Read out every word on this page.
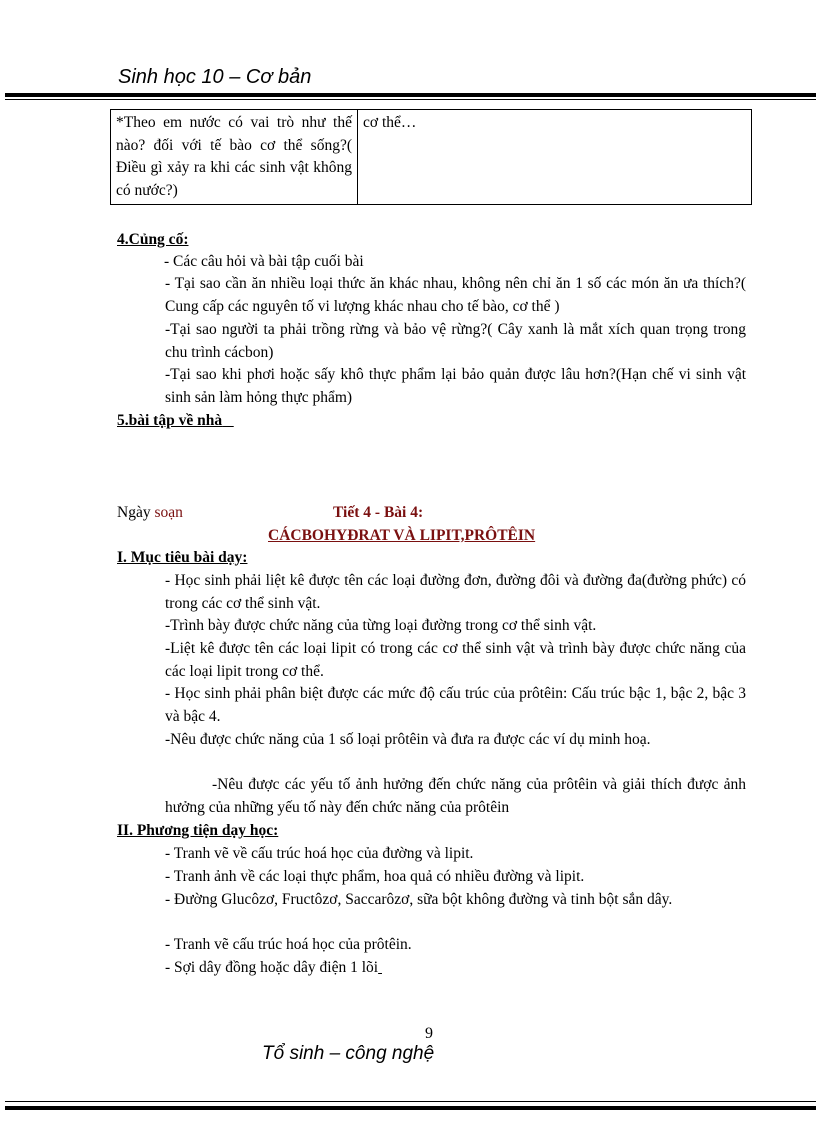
Sinh học 10 – Cơ bản
*Theo em nước có vai trò như thế nào? đối với tế bào cơ thể sống?( Điều gì xảy ra khi các sinh vật không có nước?)	cơ thể…
4.Củng cố:
- Các câu hỏi và bài tập cuối bài
- Tại sao cần ăn nhiều loại thức ăn khác nhau, không nên chỉ ăn 1 số các món ăn ưa thích?( Cung cấp các nguyên tố vi lượng khác nhau cho tế bào, cơ thể )
-Tại sao người ta phải trồng rừng và bảo vệ rừng?( Cây xanh là mắt xích quan trọng trong chu trình cácbon)
-Tại sao khi phơi hoặc sấy khô thực phẩm lại bảo quản được lâu hơn?(Hạn chế vi sinh vật sinh sản làm hỏng thực phẩm)
5.bài tập về nhà
Ngày soạn	Tiết 4 - Bài 4:
CÁCBOHYĐRAT VÀ LIPIT,PRÔTÊIN
I. Mục tiêu bài dạy:
- Học sinh phải liệt kê được tên các loại đường đơn, đường đôi và đường đa(đường phức) có trong các cơ thể sinh vật.
-Trình bày được chức năng của từng loại đường trong cơ thể sinh vật.
-Liệt kê được tên các loại lipit có trong các cơ thể sinh vật và trình bày được chức năng của các loại lipit trong cơ thể.
- Học sinh phải phân biệt được các mức độ cấu trúc của prôtêin: Cấu trúc bậc 1, bậc 2, bậc 3 và bậc 4.
-Nêu được chức năng của 1 số loại prôtêin và đưa ra được các ví dụ minh hoạ.
-Nêu được các yếu tố ảnh hưởng đến chức năng của prôtêin và giải thích được ảnh hưởng của những yếu tố này đến chức năng của prôtêin
II. Phương tiện dạy học:
- Tranh vẽ về cấu trúc hoá học của đường và lipit.
- Tranh ảnh về các loại thực phẩm, hoa quả có nhiều đường và lipit.
- Đường Glucôzơ, Fructôzơ, Saccarôzơ, sữa bột không đường và tinh bột sắn dây.
- Tranh vẽ cấu trúc hoá học của prôtêin.
- Sợi dây đồng hoặc dây điện 1 lõi
9
Tổ sinh – công nghệ
